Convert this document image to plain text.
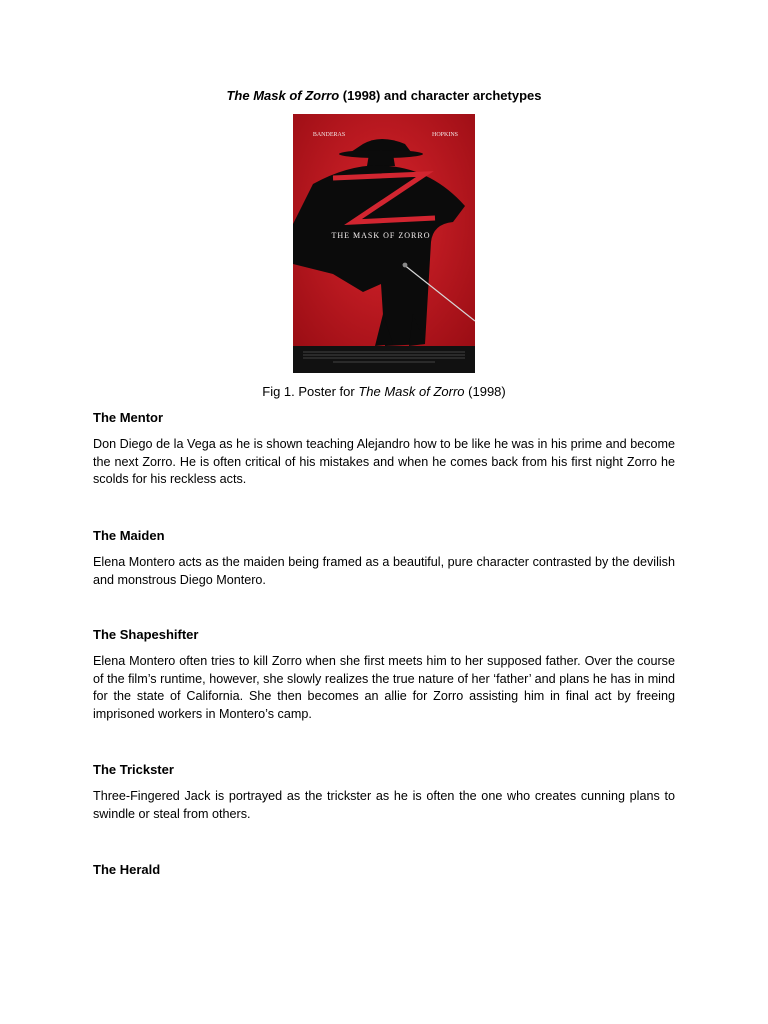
The Mask of Zorro (1998) and character archetypes
BANDERAS	HOPKINS
THE MASK OF ZORRO
Fig 1. Poster for The Mask of Zorro (1998)

The Mentor

Don Diego de la Vega as he is shown teaching Alejandro how to be like he was in his prime and become the next Zorro. He is often critical of his mistakes and when he comes back from his first night Zorro he scolds for his reckless acts.

The Maiden

Elena Montero acts as the maiden being framed as a beautiful, pure character contrasted by the devilish and monstrous Diego Montero.

The Shapeshifter

Elena Montero often tries to kill Zorro when she first meets him to her supposed father. Over the course of the film’s runtime, however, she slowly realizes the true nature of her ‘father’ and plans he has in mind for the state of California. She then becomes an allie for Zorro assisting him in final act by freeing imprisoned workers in Montero’s camp.

The Trickster

Three-Fingered Jack is portrayed as the trickster as he is often the one who creates cunning plans to swindle or steal from others.

The Herald
